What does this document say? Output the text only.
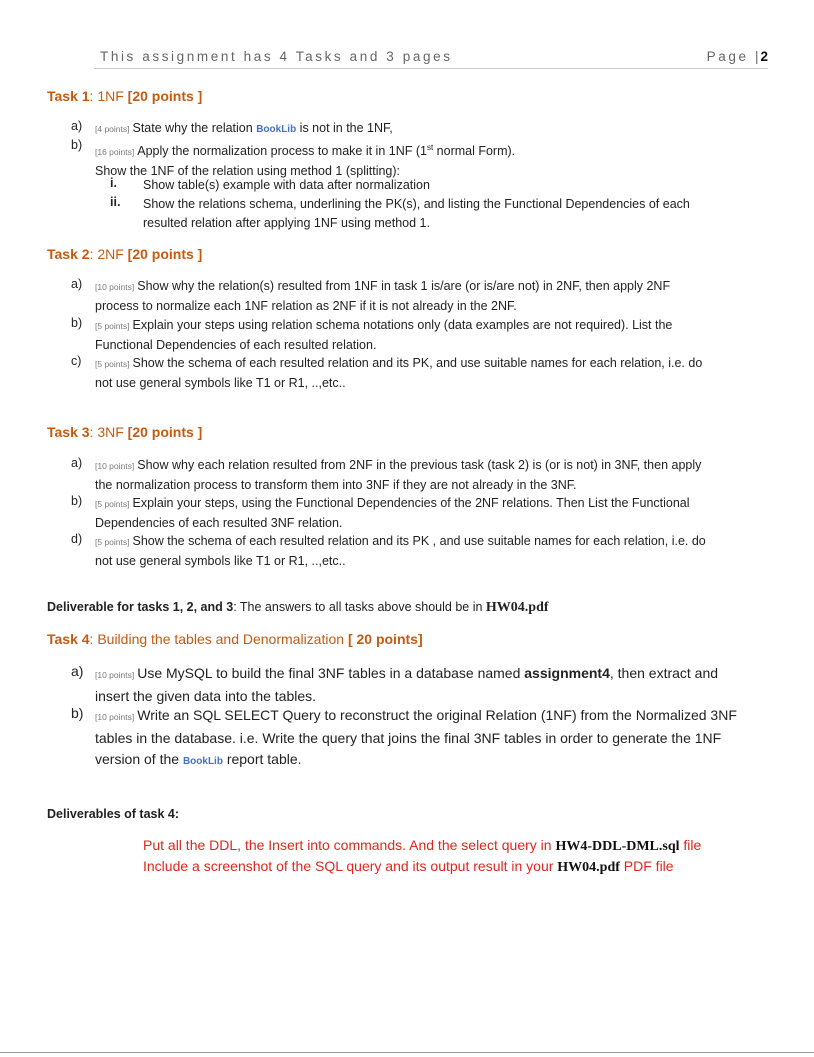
This assignment has 4 Tasks and 3 pages	Page | 2
Task 1: 1NF [20 points ]
a) [4 points] State why the relation BookLib is not in the 1NF,
b)
[16 points] Apply the normalization process to make it in 1NF (1st normal Form).
Show the 1NF of the relation using method 1 (splitting):
i. Show table(s) example with data after normalization
ii. Show the relations schema, underlining the PK(s), and listing the Functional Dependencies of each
resulted relation after applying 1NF using method 1.
Task 2: 2NF [20 points ]
a) [10 points] Show why the relation(s) resulted from 1NF in task 1 is/are (or is/are not) in 2NF, then apply 2NF
process to normalize each 1NF relation as 2NF if it is not already in the 2NF.
b) [5 points] Explain your steps using relation schema notations only (data examples are not required). List the
Functional Dependencies of each resulted relation.
c) [5 points] Show the schema of each resulted relation and its PK, and use suitable names for each relation, i.e. do
not use general symbols like T1 or R1, ..,etc..
Task 3: 3NF [20 points ]
a) [10 points] Show why each relation resulted from 2NF in the previous task (task 2) is (or is not) in 3NF, then apply
the normalization process to transform them into 3NF if they are not already in the 3NF.
b) [5 points] Explain your steps, using the Functional Dependencies of the 2NF relations. Then List the Functional
Dependencies of each resulted 3NF relation.
d) [5 points] Show the schema of each resulted relation and its PK , and use suitable names for each relation, i.e. do
not use general symbols like T1 or R1, ..,etc..
Deliverable for tasks 1, 2, and 3: The answers to all tasks above should be in HW04.pdf
Task 4: Building the tables and Denormalization [ 20 points]
a) [10 points] Use MySQL to build the final 3NF tables in a database named assignment4, then extract and
insert the given data into the tables.
b) [10 points] Write an SQL SELECT Query to reconstruct the original Relation (1NF) from the Normalized 3NF
tables in the database. i.e. Write the query that joins the final 3NF tables in order to generate the 1NF
version of the BookLib report table.
Deliverables of task 4:
Put all the DDL, the Insert into commands. And the select query in HW4-DDL-DML.sql file
Include a screenshot of the SQL query and its output result in your HW04.pdf PDF file
